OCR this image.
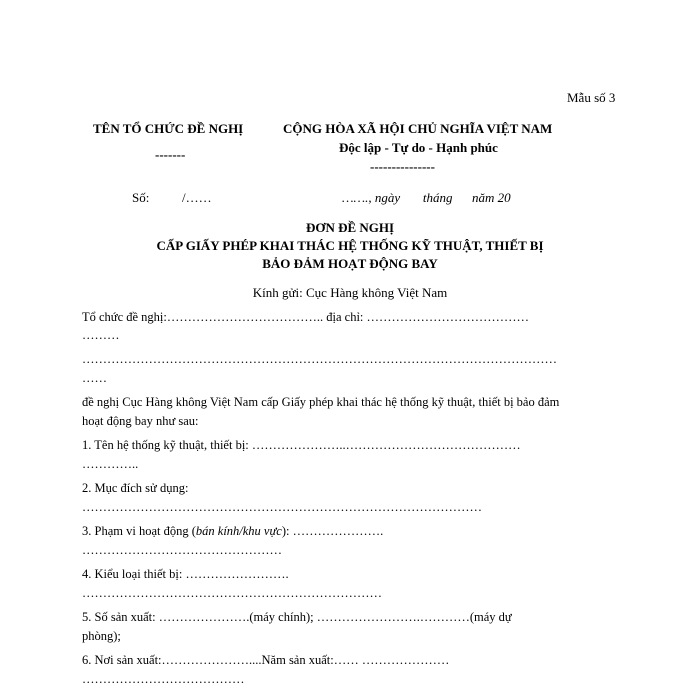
Mẫu số 3
TÊN TỔ CHỨC ĐỀ NGHỊ
-------
CỘNG HÒA XÃ HỘI CHỦ NGHĨA VIỆT NAM
Độc lập - Tự do - Hạnh phúc
---------------
Số:	/……	……., ngày       tháng      năm 20
ĐƠN ĐỀ NGHỊ
CẤP GIẤY PHÉP KHAI THÁC HỆ THỐNG KỸ THUẬT, THIẾT BỊ
BẢO ĐẢM HOẠT ĐỘNG BAY
Kính gửi: Cục Hàng không Việt Nam
Tổ chức đề nghị:……………………………….. địa chỉ: …………………………………
………
……………………………………………………………………………………………………
……
đề nghị Cục Hàng không Việt Nam cấp Giấy phép khai thác hệ thống kỹ thuật, thiết bị bảo đảm
hoạt động bay như sau:
1. Tên hệ thống kỹ thuật, thiết bị: …………………..……………………………………
…………..
2. Mục đích sử dụng:
……………………………………………………………………………………
3. Phạm vi hoạt động (bán kính/khu vực): ………………….
…………………………………………
4. Kiểu loại thiết bị: …………………….
………………………………………………………………
5. Số sản xuất: ………………….(máy chính); …………………….…………(máy dự
phòng);
6. Nơi sản xuất:…………………....Năm sản xuất:…… …………………
…………………………………
